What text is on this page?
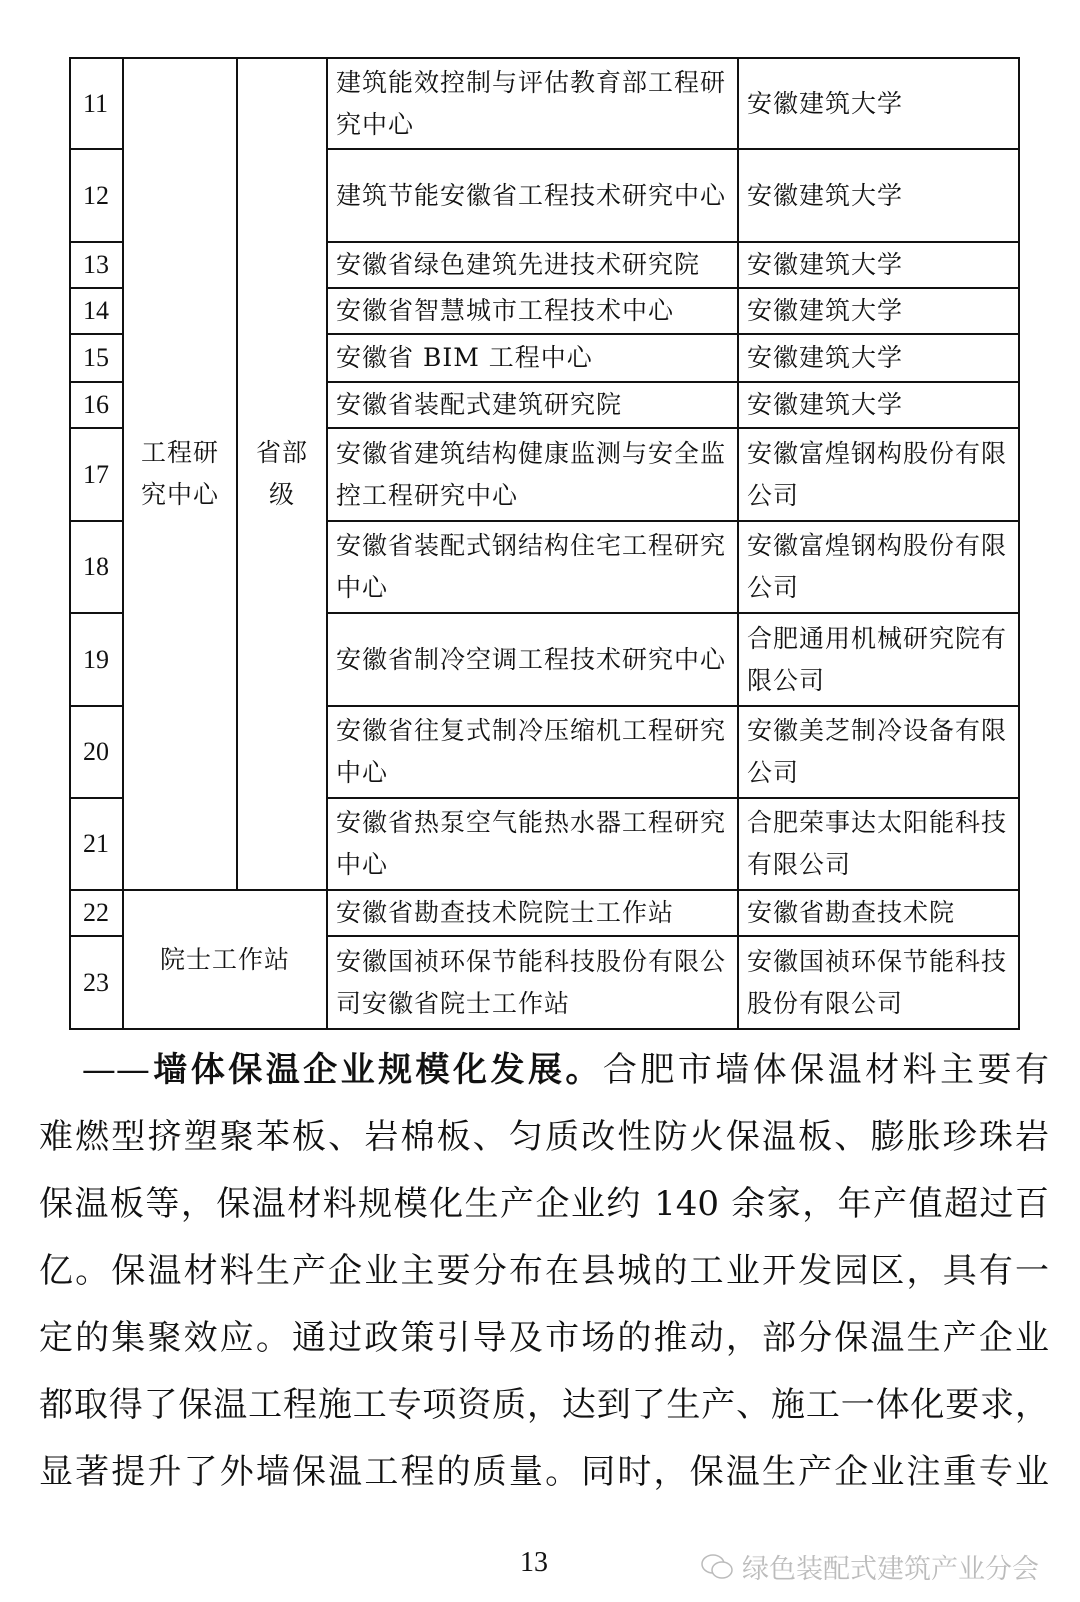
11	工程研究中心	省部级	建筑能效控制与评估教育部工程研究中心	安徽建筑大学
12			建筑节能安徽省工程技术研究中心	安徽建筑大学
13			安徽省绿色建筑先进技术研究院	安徽建筑大学
14			安徽省智慧城市工程技术中心	安徽建筑大学
15			安徽省 BIM 工程中心	安徽建筑大学
16			安徽省装配式建筑研究院	安徽建筑大学
17			安徽省建筑结构健康监测与安全监控工程研究中心	安徽富煌钢构股份有限公司
18			安徽省装配式钢结构住宅工程研究中心	安徽富煌钢构股份有限公司
19			安徽省制冷空调工程技术研究中心	合肥通用机械研究院有限公司
20			安徽省往复式制冷压缩机工程研究中心	安徽美芝制冷设备有限公司
21			安徽省热泵空气能热水器工程研究中心	合肥荣事达太阳能科技有限公司
22	院士工作站		安徽省勘查技术院院士工作站	安徽省勘查技术院
23			安徽国祯环保节能科技股份有限公司安徽省院士工作站	安徽国祯环保节能科技股份有限公司
——墙体保温企业规模化发展。合肥市墙体保温材料主要有
难燃型挤塑聚苯板、岩棉板、匀质改性防火保温板、膨胀珍珠岩
保温板等，保温材料规模化生产企业约 140 余家，年产值超过百
亿。保温材料生产企业主要分布在县城的工业开发园区，具有一
定的集聚效应。通过政策引导及市场的推动，部分保温生产企业
都取得了保温工程施工专项资质，达到了生产、施工一体化要求，
显著提升了外墙保温工程的质量。同时，保温生产企业注重专业
绿色装配式建筑产业分会
13
